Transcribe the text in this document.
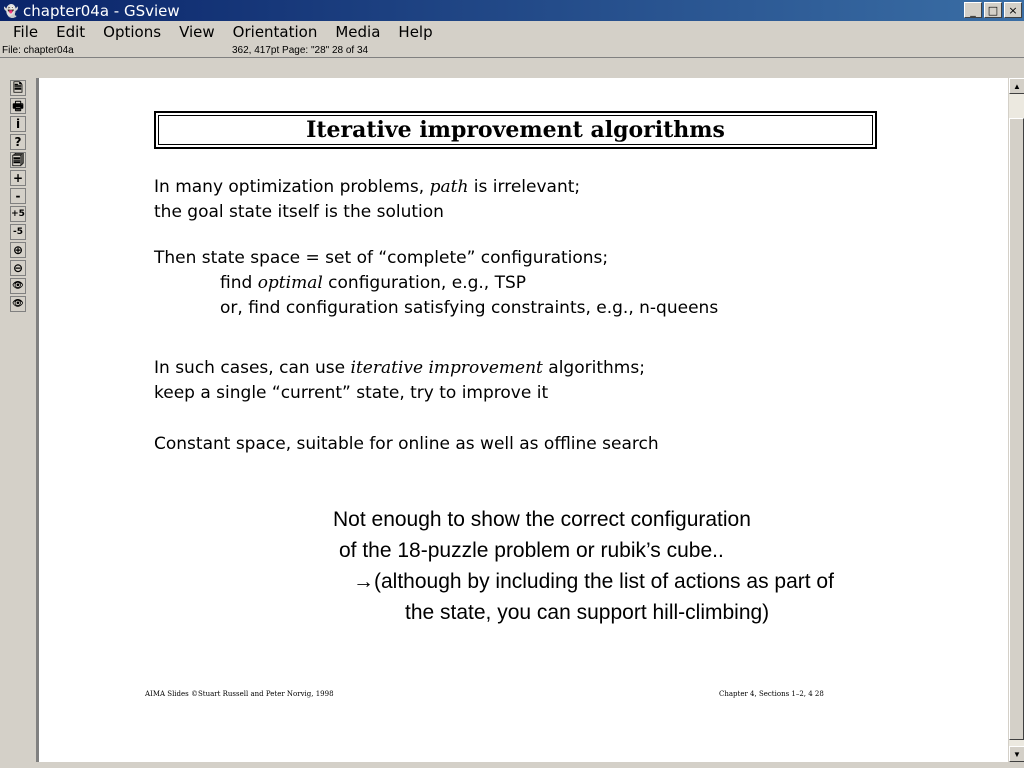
👻 chapter04a - GSview	_	□ ×
File	Edit	Options	View	Orientation	Media	Help
File: chapter04a	362, 417pt Page: "28" 28 of 34
🗎
🖶
i
?
🗐
+
-
+5
-5
⊕
⊖
👁
👁
Iterative improvement algorithms
In many optimization problems, path is irrelevant;
the goal state itself is the solution
Then state space = set of “complete” configurations;
find optimal configuration, e.g., TSP
or, find configuration satisfying constraints, e.g., n-queens
In such cases, can use iterative improvement algorithms;
keep a single “current” state, try to improve it
Constant space, suitable for online as well as offline search
Not enough to show the correct configuration
of the 18-puzzle problem or rubik’s cube..
→(although by including the list of actions as part of
the state, you can support hill-climbing)
AIMA Slides ©Stuart Russell and Peter Norvig, 1998	Chapter 4, Sections 1–2, 4 28
▲
▼
